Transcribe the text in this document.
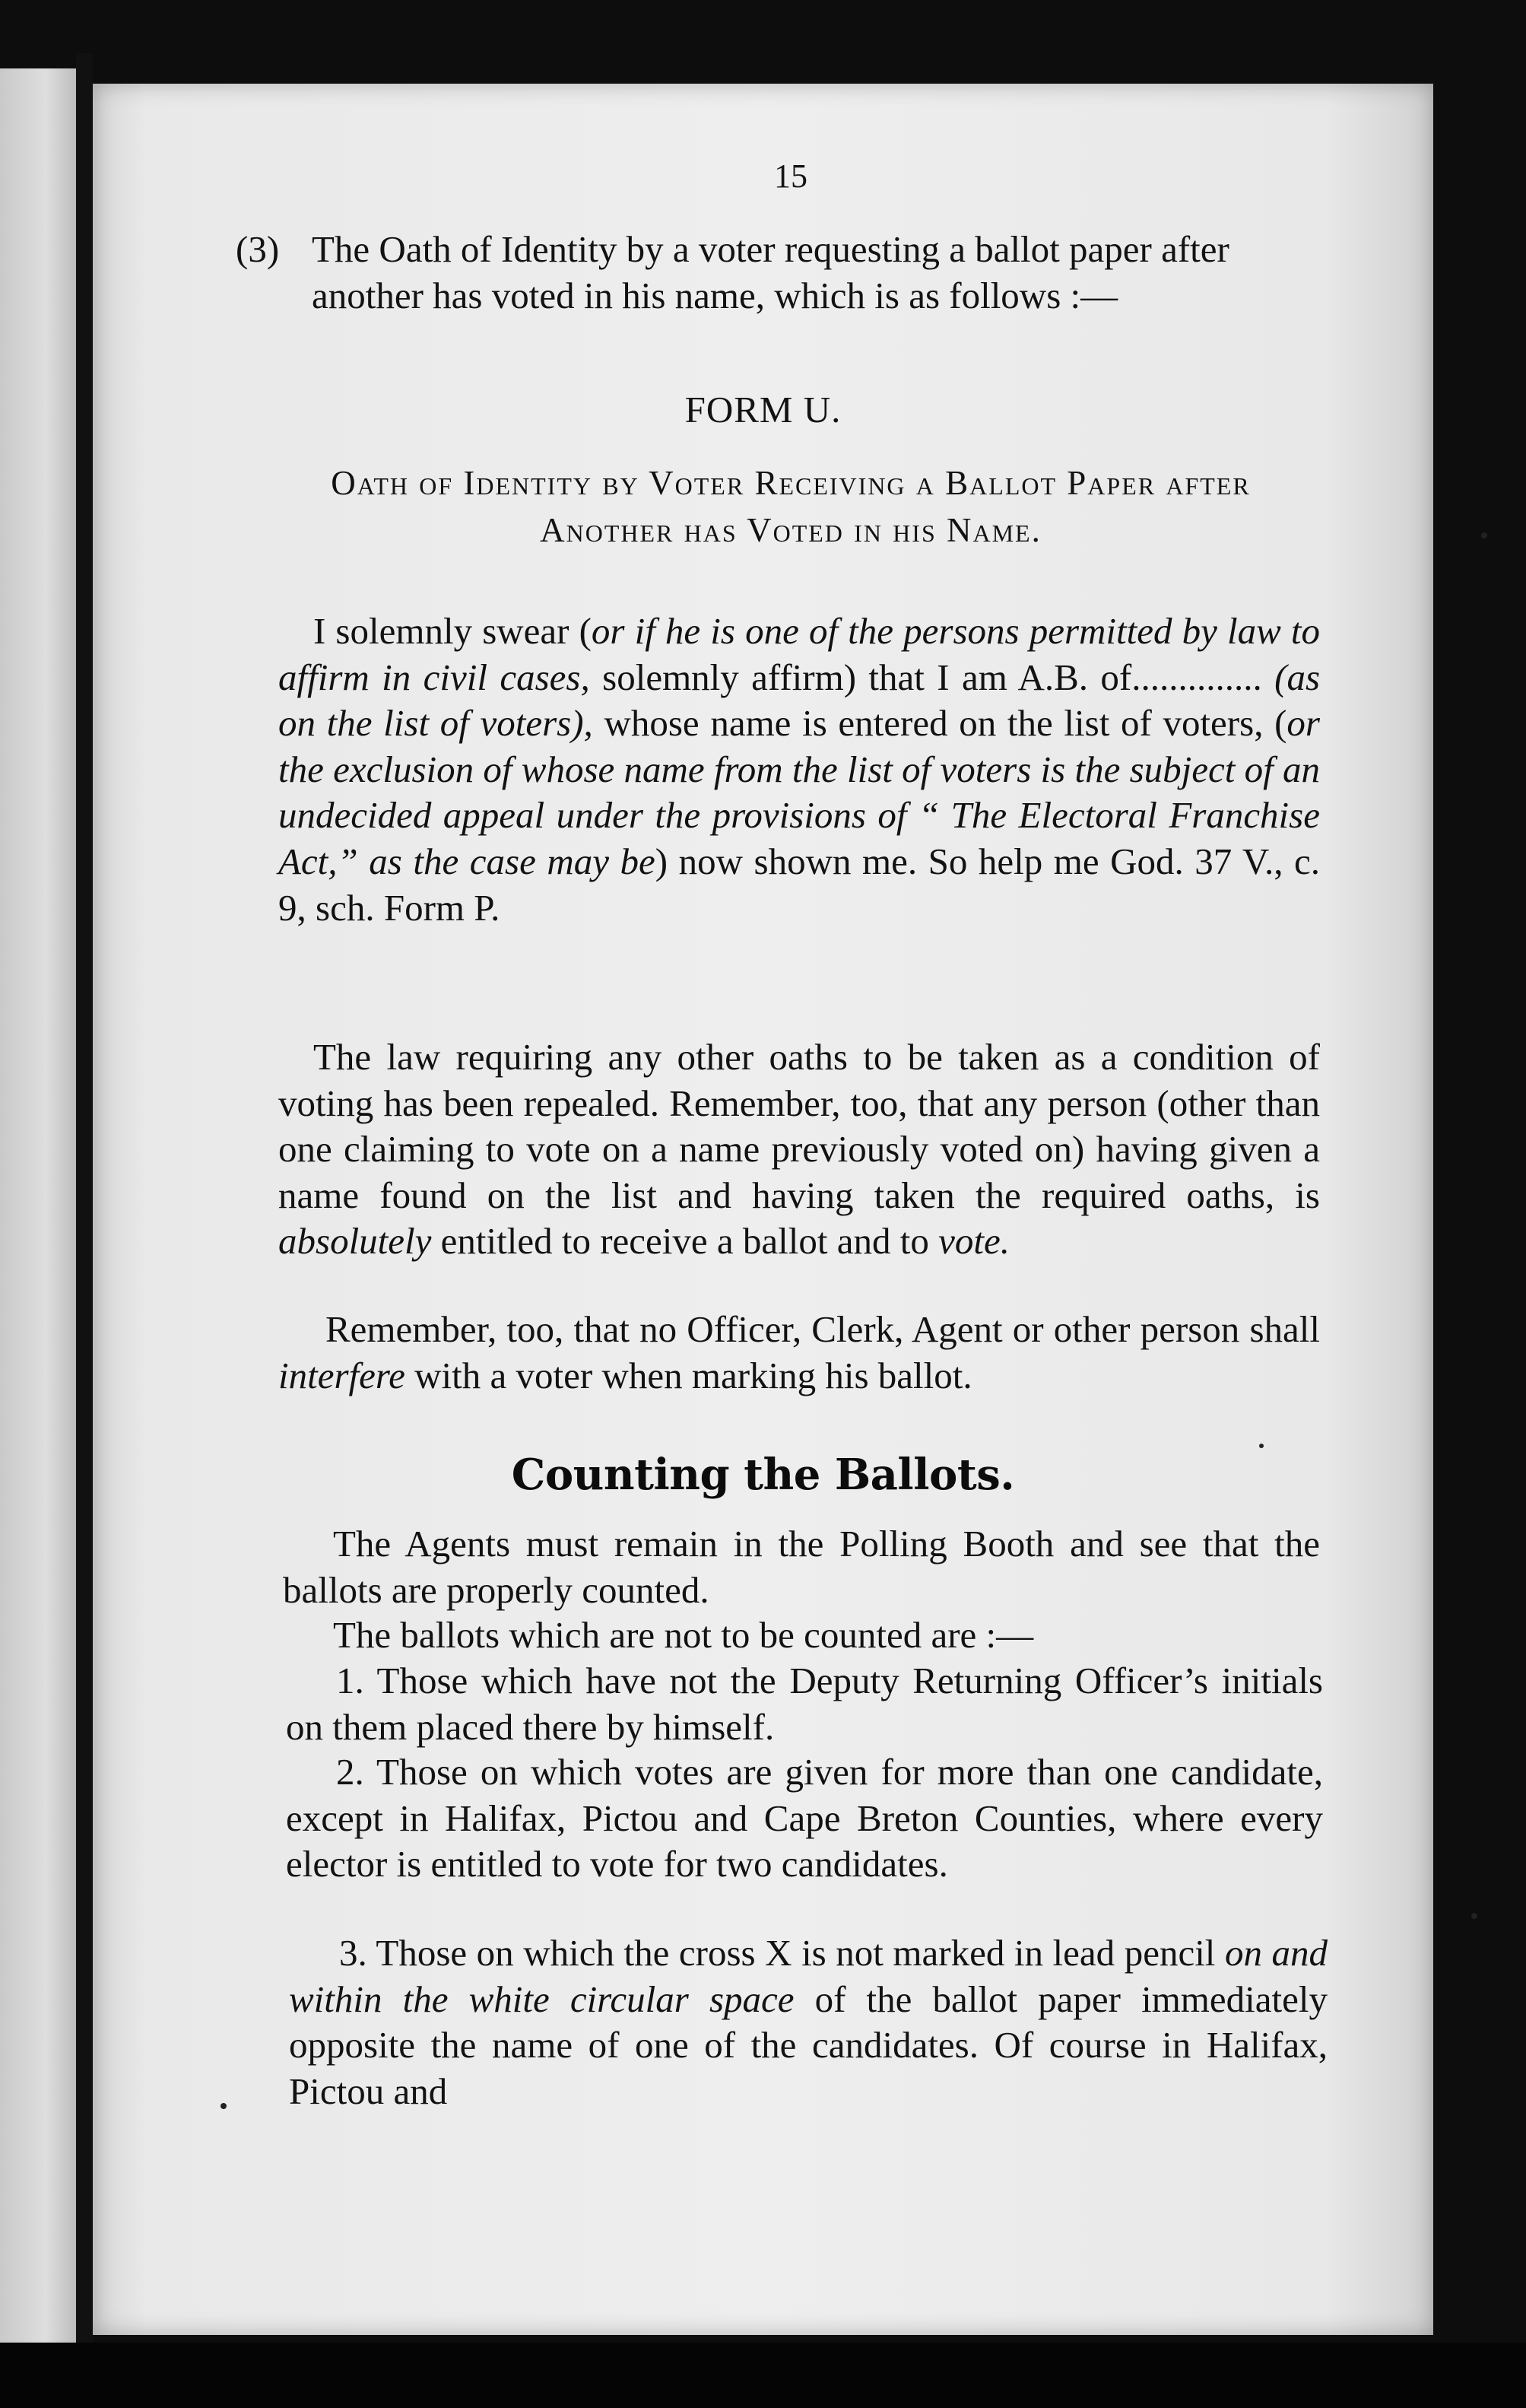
15
(3) The Oath of Identity by a voter requesting a ballot paper after another has voted in his name, which is as follows :—
FORM U.
Oath of Identity by Voter Receiving a Ballot Paper after Another has Voted in his Name.
I solemnly swear (or if he is one of the persons permitted by law to affirm in civil cases, solemnly affirm) that I am A.B. of.............. (as on the list of voters), whose name is entered on the list of voters, (or the exclusion of whose name from the list of voters is the subject of an undecided appeal under the provisions of “ The Electoral Franchise Act,” as the case may be) now shown me. So help me God. 37 V., c. 9, sch. Form P.
The law requiring any other oaths to be taken as a condition of voting has been repealed. Remember, too, that any person (other than one claiming to vote on a name previously voted on) having given a name found on the list and having taken the required oaths, is absolutely entitled to receive a ballot and to vote.
Remember, too, that no Officer, Clerk, Agent or other person shall interfere with a voter when marking his ballot.
Counting the Ballots.
The Agents must remain in the Polling Booth and see that the ballots are properly counted.
The ballots which are not to be counted are :—
1. Those which have not the Deputy Returning Officer’s initials on them placed there by himself.
2. Those on which votes are given for more than one candidate, except in Halifax, Pictou and Cape Breton Counties, where every elector is entitled to vote for two candidates.
3. Those on which the cross X is not marked in lead pencil on and within the white circular space of the ballot paper immediately opposite the name of one of the candidates. Of course in Halifax, Pictou and
